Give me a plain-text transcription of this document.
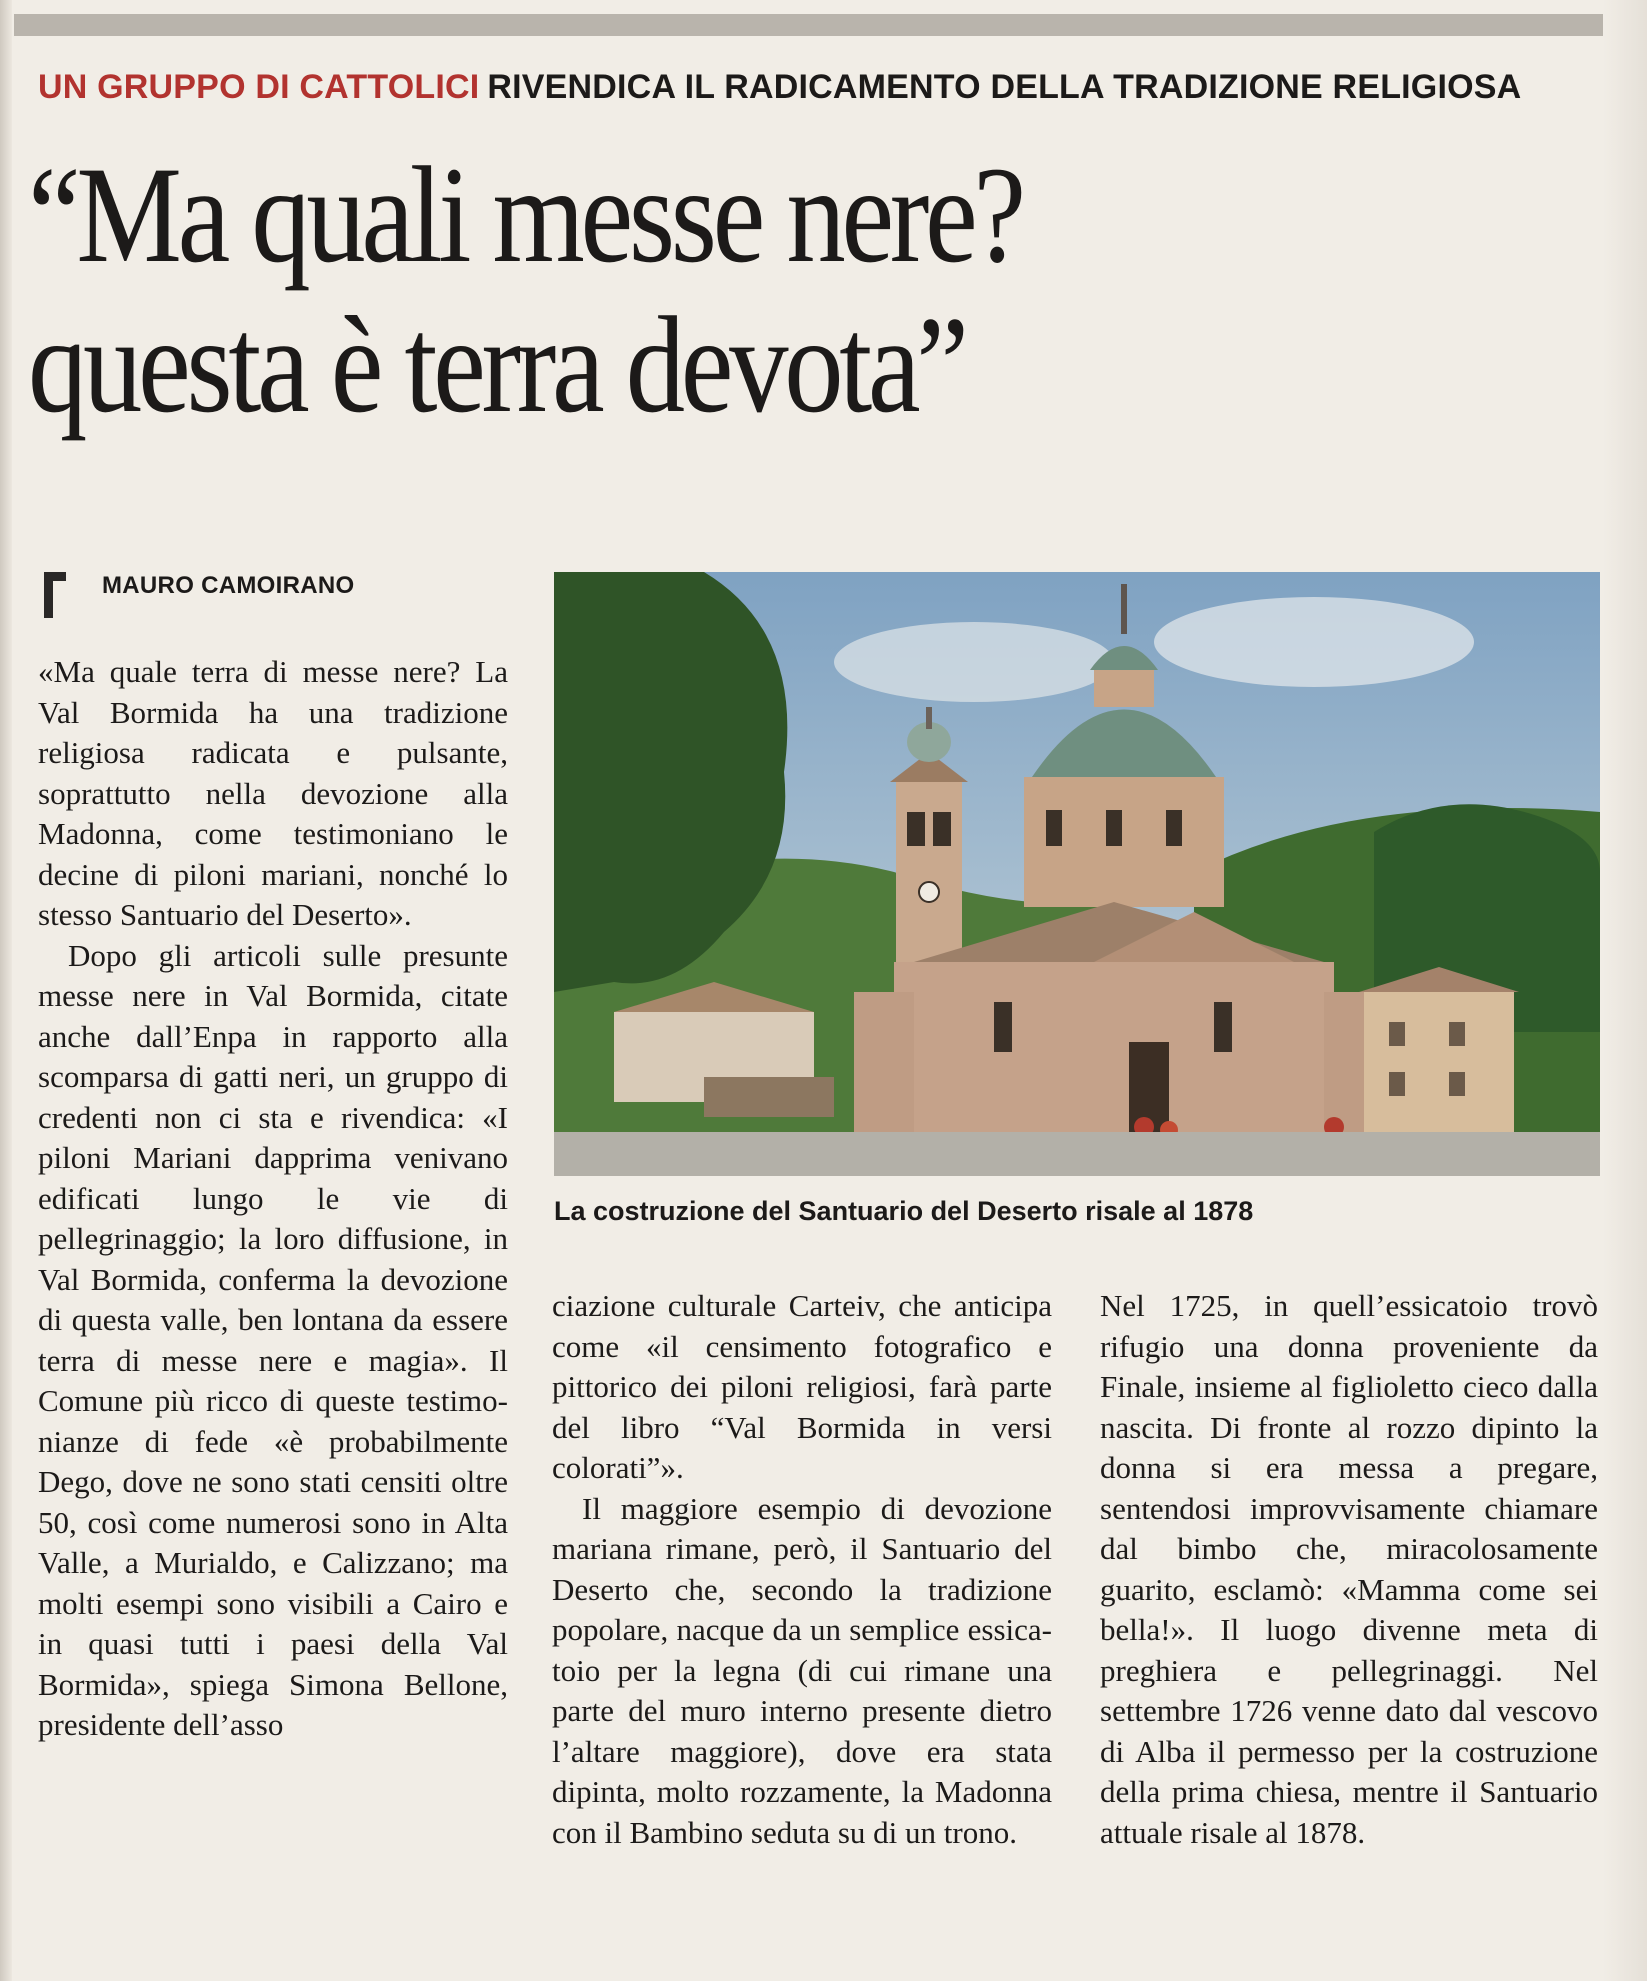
UN GRUPPO DI CATTOLICI RIVENDICA IL RADICAMENTO DELLA TRADIZIONE RELIGIOSA
“Ma quali messe nere?
questa è terra devota”
MAURO CAMOIRANO

«Ma quale terra di messe nere? La Val Bormida ha una tradizione religiosa radicata e pulsante, soprattutto nella devozione alla Madonna, come testimoniano le decine di piloni mariani, nonché lo stesso Santuario del Deserto».

Dopo gli articoli sulle presunte messe nere in Val Bormida, citate anche dall’Enpa in rapporto alla scomparsa di gatti neri, un gruppo di credenti non ci sta e rivendica: «I piloni Mariani dapprima venivano edificati lungo le vie di pellegrinaggio; la loro diffusione, in Val Bormida, conferma la devozione di questa valle, ben lontana da essere terra di messe nere e magia». Il Comune più ricco di queste testimonianze di fede «è probabilmente Dego, dove ne sono stati censiti oltre 50, così come numerosi sono in Alta Valle, a Murialdo, e Calizzano; ma molti esempi sono visibili a Cairo e in quasi tutti i paesi della Val Bormida», spiega Simona Bellone, presidente dell’asso

La costruzione del Santuario del Deserto risale al 1878

ciazione culturale Carteiv, che anticipa come «il censimento fotografico e pittorico dei piloni religiosi, farà parte del libro “Val Bormida in versi colorati”».

Il maggiore esempio di devozione mariana rimane, però, il Santuario del Deserto che, secondo la tradizione popolare, nacque da un semplice essicatoio per la legna (di cui rimane una parte del muro interno presente dietro l’altare maggiore), dove era stata dipinta, molto rozzamente, la Madonna con il Bambino seduta su di un trono.

Nel 1725, in quell’essicatoio trovò rifugio una donna proveniente da Finale, insieme al figlioletto cieco dalla nascita. Di fronte al rozzo dipinto la donna si era messa a pregare, sentendosi improvvisamente chiamare dal bimbo che, miracolosamente guarito, esclamò: «Mamma come sei bella!». Il luogo divenne meta di preghiera e pellegrinaggi. Nel settembre 1726 venne dato dal vescovo di Alba il permesso per la costruzione della prima chiesa, mentre il Santuario attuale risale al 1878.
